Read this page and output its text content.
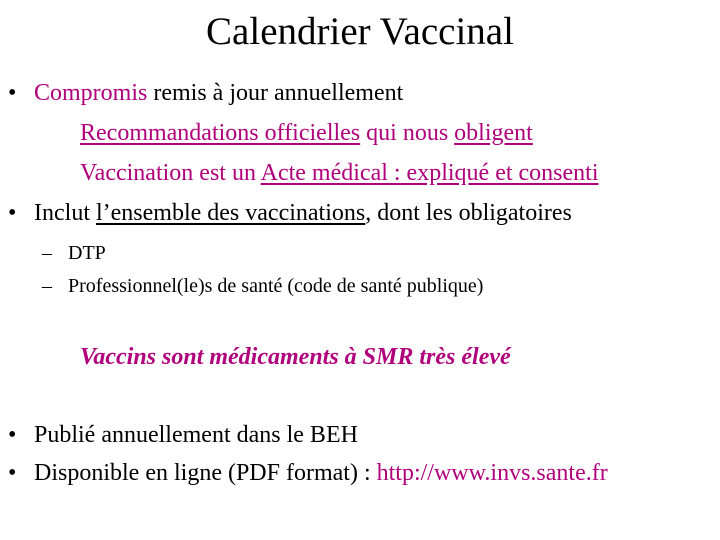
Calendrier Vaccinal
• Compromis remis à jour annuellement
Recommandations officielles qui nous obligent
Vaccination est un Acte médical : expliqué et consenti
• Inclut l’ensemble des vaccinations, dont les obligatoires
– DTP
– Professionnel(le)s de santé (code de santé publique)
Vaccins sont médicaments à SMR très élevé
• Publié annuellement dans le BEH
• Disponible en ligne (PDF format) : http://www.invs.sante.fr
